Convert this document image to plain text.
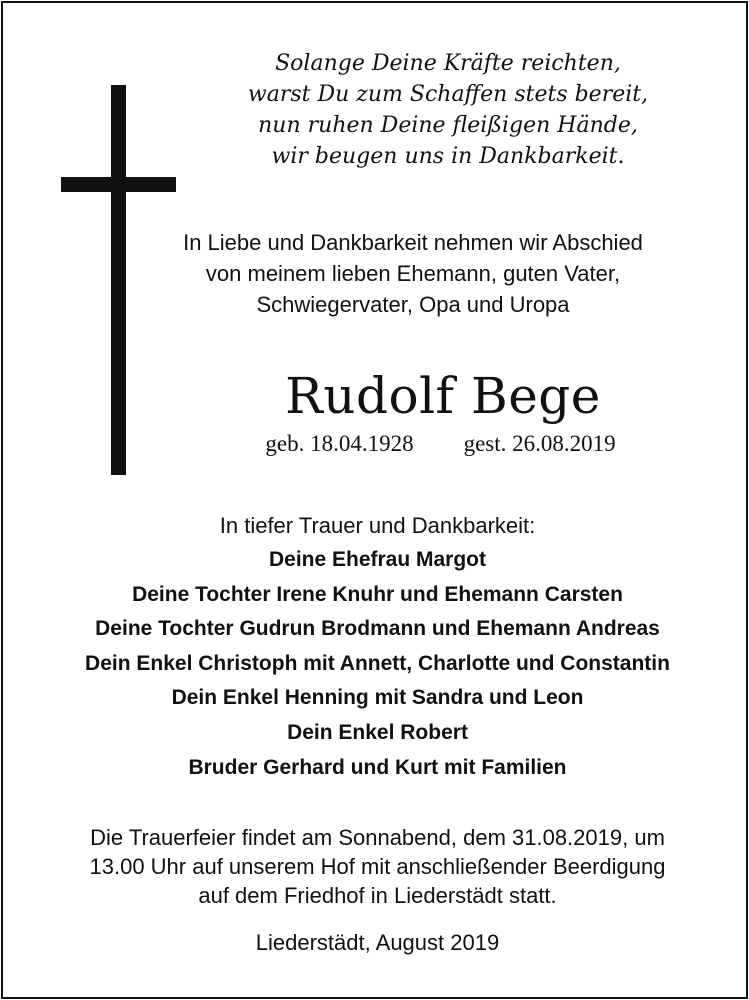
Solange Deine Kräfte reichten,
warst Du zum Schaffen stets bereit,
nun ruhen Deine fleißigen Hände,
wir beugen uns in Dankbarkeit.
In Liebe und Dankbarkeit nehmen wir Abschied
von meinem lieben Ehemann, guten Vater,
Schwiegervater, Opa und Uropa
Rudolf Bege
geb. 18.04.1928 gest. 26.08.2019
In tiefer Trauer und Dankbarkeit:
Deine Ehefrau Margot
Deine Tochter Irene Knuhr und Ehemann Carsten
Deine Tochter Gudrun Brodmann und Ehemann Andreas
Dein Enkel Christoph mit Annett, Charlotte und Constantin
Dein Enkel Henning mit Sandra und Leon
Dein Enkel Robert
Bruder Gerhard und Kurt mit Familien
Die Trauerfeier findet am Sonnabend, dem 31.08.2019, um
13.00 Uhr auf unserem Hof mit anschließender Beerdigung
auf dem Friedhof in Liederstädt statt.
Liederstädt, August 2019
